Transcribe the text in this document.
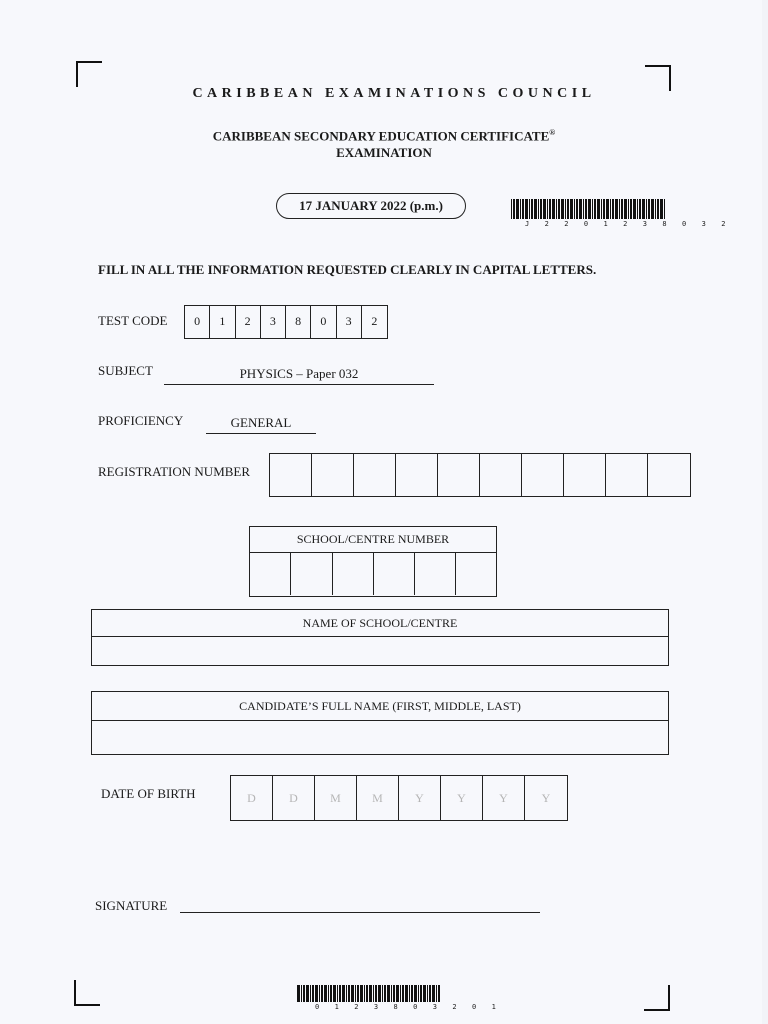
CARIBBEAN EXAMINATIONS COUNCIL
CARIBBEAN SECONDARY EDUCATION CERTIFICATE®
EXAMINATION
17 JANUARY 2022 (p.m.)
J 2 2 0 1 2 3 8 0 3 2
FILL IN ALL THE INFORMATION REQUESTED CLEARLY IN CAPITAL LETTERS.
TEST CODE	0	1	2	3	8	0	3	2
SUBJECT	PHYSICS – Paper 032
PROFICIENCY	GENERAL
REGISTRATION NUMBER
SCHOOL/CENTRE NUMBER
NAME OF SCHOOL/CENTRE
CANDIDATE’S FULL NAME (FIRST, MIDDLE, LAST)
DATE OF BIRTH	D	D	M	M	Y	Y	Y	Y
SIGNATURE
0 1 2 3 8 0 3 2 0 1
